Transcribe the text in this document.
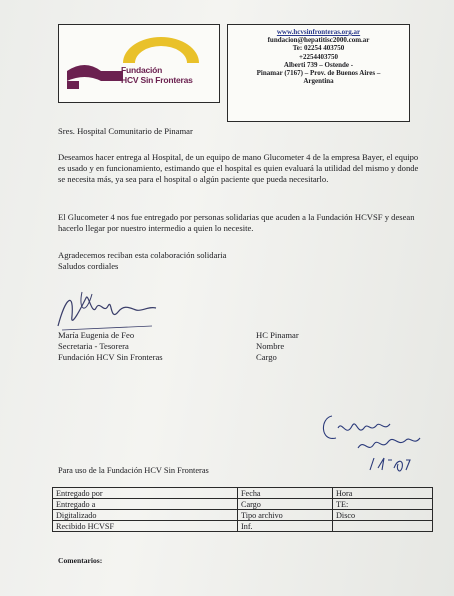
Fundación
HCV Sin Fronteras
www.hcvsinfronteras.org.ar
fundacion@hepatitisc2000.com.ar
Te: 02254 403750
+2254403750
Alberti 739 – Ostende -
Pinamar (7167) – Prov. de Buenos Aires –
Argentina
Sres. Hospital Comunitario de Pinamar
Deseamos hacer entrega al Hospital, de un equipo de mano Glucometer 4 de la empresa Bayer, el equipo es usado y en funcionamiento, estimando que el hospital es quien evaluará la utilidad del mismo y donde se necesita más, ya sea para el hospital o algún paciente que pueda necesitarlo.
El Glucometer 4 nos fue entregado por personas solidarias que acuden a la Fundación HCVSF y desean hacerlo llegar por nuestro intermedio a quien lo necesite.
Agradecemos reciban esta colaboración solidaria
Saludos cordiales
María Eugenia de Feo
Secretaria - Tesorera
Fundación HCV Sin Fronteras
HC Pinamar
Nombre
Cargo
Para uso de la Fundación HCV Sin Fronteras
Entregado por	Fecha	Hora
Entregado a	Cargo	TE:
Digitalizado	Tipo archivo	Disco
Recibido HCVSF	Inf.	
Comentarios:
